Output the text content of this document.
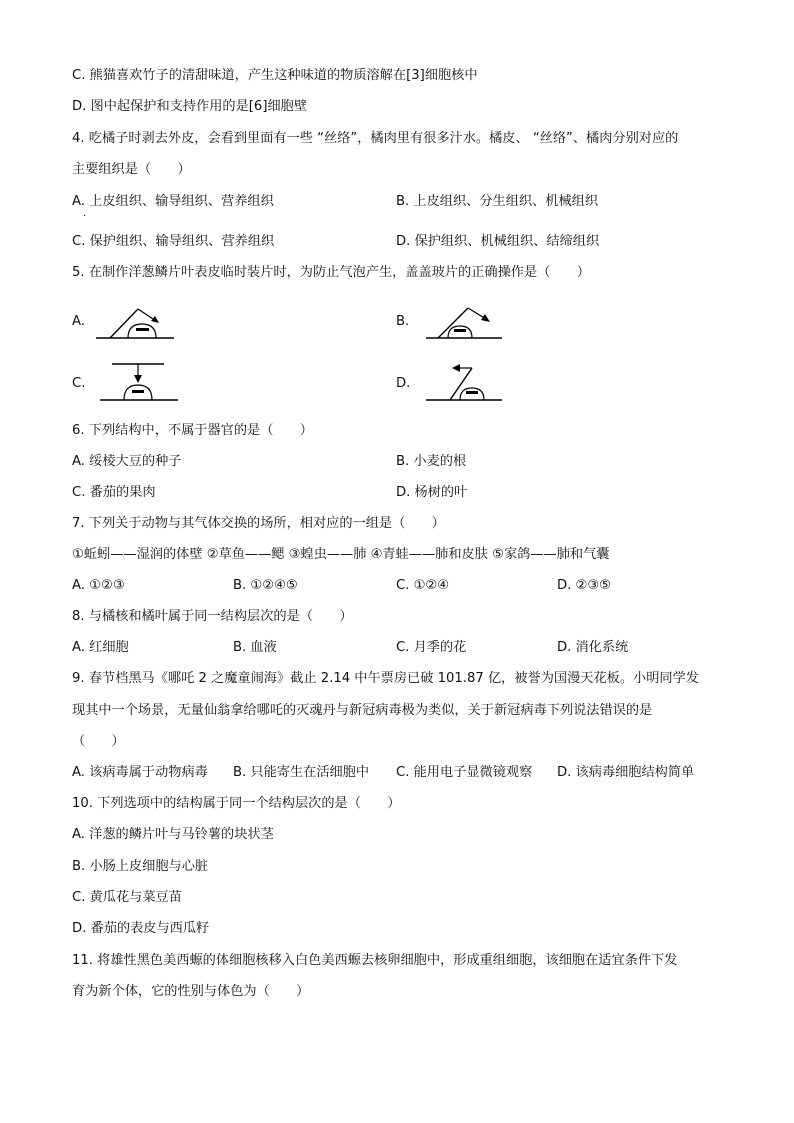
C. 熊猫喜欢竹子的清甜味道，产生这种味道的物质溶解在[3]细胞核中
D. 图中起保护和支持作用的是[6]细胞壁
4. 吃橘子时剥去外皮，会看到里面有一些 “丝络”，橘肉里有很多汁水。橘皮、 “丝络”、橘肉分别对应的
主要组织是（　　）
A. 上皮组织、输导组织、营养组织
.
B. 上皮组织、分生组织、机械组织
C. 保护组织、输导组织、营养组织	D. 保护组织、机械组织、结缔组织
5. 在制作洋葱鳞片叶表皮临时装片时，为防止气泡产生，盖盖玻片的正确操作是（　　）
A.	B.
C.	D.
6. 下列结构中，不属于器官的是（　　）
A. 绥棱大豆的种子	B. 小麦的根
C. 番茄的果肉	D. 杨树的叶
7. 下列关于动物与其气体交换的场所，相对应的一组是（　　）
①蚯蚓——湿润的体壁 ②草鱼——鳃 ③蝗虫——肺 ④青蛙——肺和皮肤 ⑤家鸽——肺和气囊
A. ①②③	B. ①②④⑤	C. ①②④	D. ②③⑤
8. 与橘核和橘叶属于同一结构层次的是（　　）
A. 红细胞	B. 血液	C. 月季的花	D. 消化系统
9. 春节档黑马《哪吒 2 之魔童闹海》截止 2.14 中午票房已破 101.87 亿，被誉为国漫天花板。小明同学发
现其中一个场景，无量仙翁拿给哪吒的灭魂丹与新冠病毒极为类似，关于新冠病毒下列说法错误的是
（　　）
A. 该病毒属于动物病毒 B. 只能寄生在活细胞中 C. 能用电子显微镜观察 D. 该病毒细胞结构简单
10. 下列选项中的结构属于同一个结构层次的是（　　）
A. 洋葱的鳞片叶与马铃薯的块状茎
B. 小肠上皮细胞与心脏
C. 黄瓜花与菜豆苗
D. 番茄的表皮与西瓜籽
11. 将雄性黑色美西螈的体细胞核移入白色美西螈去核卵细胞中，形成重组细胞，该细胞在适宜条件下发
育为新个体，它的性别与体色为（　　）
